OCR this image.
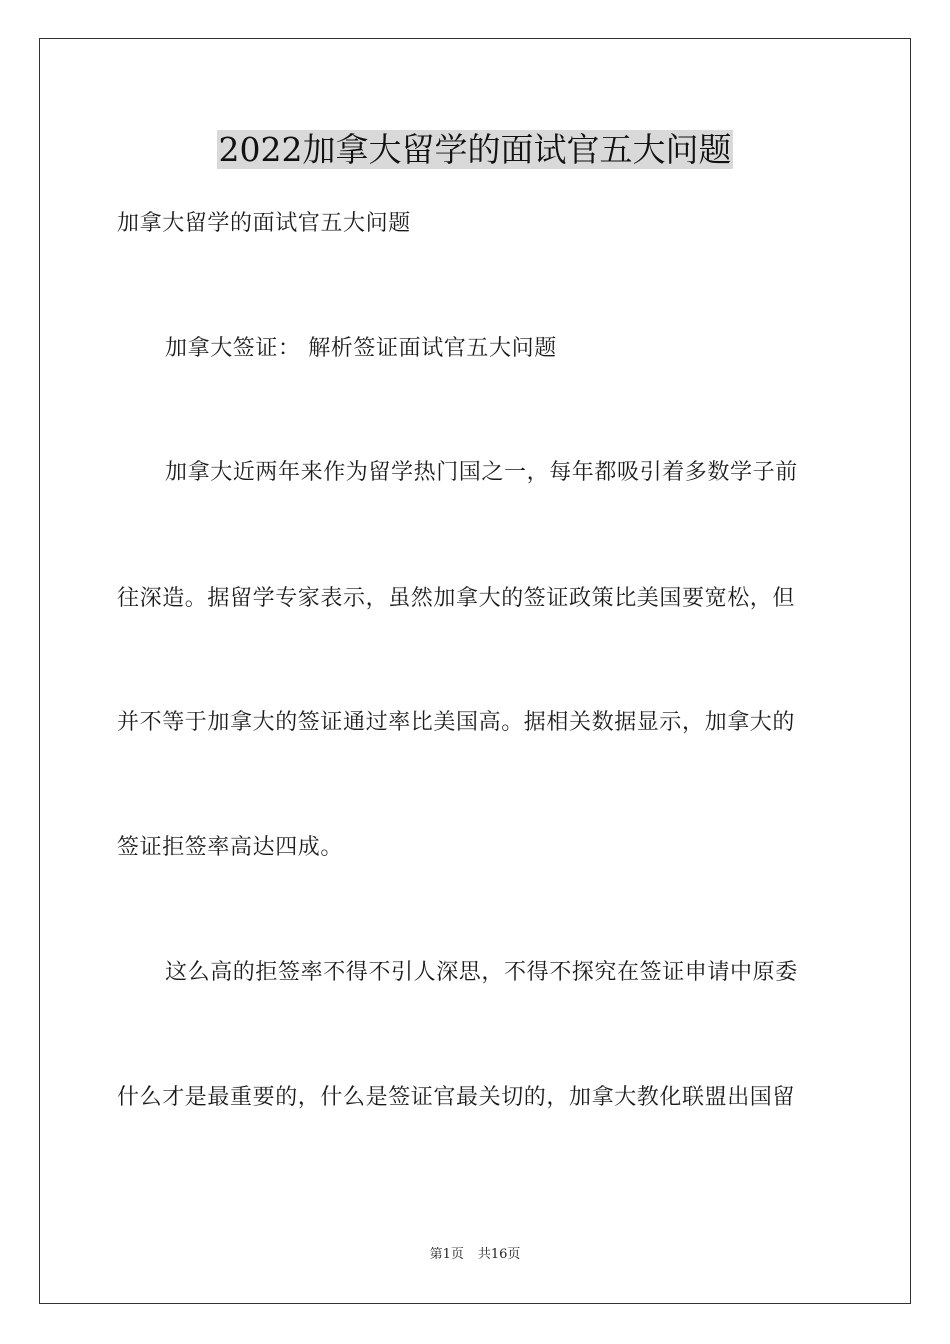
2022加拿大留学的面试官五大问题
加拿大留学的面试官五大问题
加拿大签证： 解析签证面试官五大问题
加拿大近两年来作为留学热门国之一，每年都吸引着多数学子前
往深造。据留学专家表示，虽然加拿大的签证政策比美国要宽松，但
并不等于加拿大的签证通过率比美国高。据相关数据显示，加拿大的
签证拒签率高达四成。
这么高的拒签率不得不引人深思，不得不探究在签证申请中原委
什么才是最重要的，什么是签证官最关切的，加拿大教化联盟出国留
第1页 共16页
